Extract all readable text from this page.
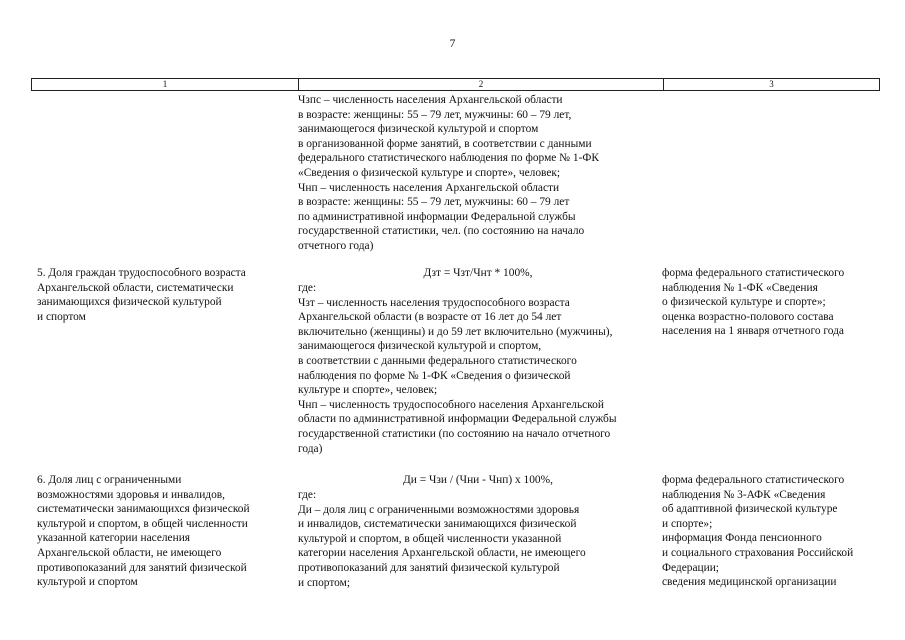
7
1	2	3
Чзпс – численность населения Архангельской области
в возрасте: женщины: 55 – 79 лет, мужчины: 60 – 79 лет,
занимающегося физической культурой и спортом
в организованной форме занятий, в соответствии с данными
федерального статистического наблюдения по форме № 1-ФК
«Сведения о физической культуре и спорте», человек;
Чнп – численность населения Архангельской области
в возрасте: женщины: 55 – 79 лет, мужчины: 60 – 79 лет
по административной информации Федеральной службы
государственной статистики, чел. (по состоянию на начало
отчетного года)
5. Доля граждан трудоспособного возраста
Архангельской области, систематически
занимающихся физической культурой
и спортом
Дзт = Чзт/Чнт * 100%,
где:
Чзт – численность населения трудоспособного возраста
Архангельской области (в возрасте от 16 лет до 54 лет
включительно (женщины) и до 59 лет включительно (мужчины),
занимающегося физической культурой и спортом,
в соответствии с данными федерального статистического
наблюдения по форме № 1-ФК «Сведения о физической
культуре и спорте», человек;
Чнп – численность трудоспособного населения Архангельской
области по административной информации Федеральной службы
государственной статистики (по состоянию на начало отчетного
года)
форма федерального статистического
наблюдения № 1-ФК «Сведения
о физической культуре и спорте»;
оценка возрастно-полового состава
населения на 1 января отчетного года
6. Доля лиц с ограниченными
возможностями здоровья и инвалидов,
систематически занимающихся физической
культурой и спортом, в общей численности
указанной категории населения
Архангельской области, не имеющего
противопоказаний для занятий физической
культурой и спортом
Ди = Чзи / (Чни - Чнп) х 100%,
где:
Ди – доля лиц с ограниченными возможностями здоровья
и инвалидов, систематически занимающихся физической
культурой и спортом, в общей численности указанной
категории населения Архангельской области, не имеющего
противопоказаний для занятий физической культурой
и спортом;
форма федерального статистического
наблюдения № 3-АФК «Сведения
об адаптивной физической культуре
и спорте»;
информация Фонда пенсионного
и социального страхования Российской
Федерации;
сведения медицинской организации
